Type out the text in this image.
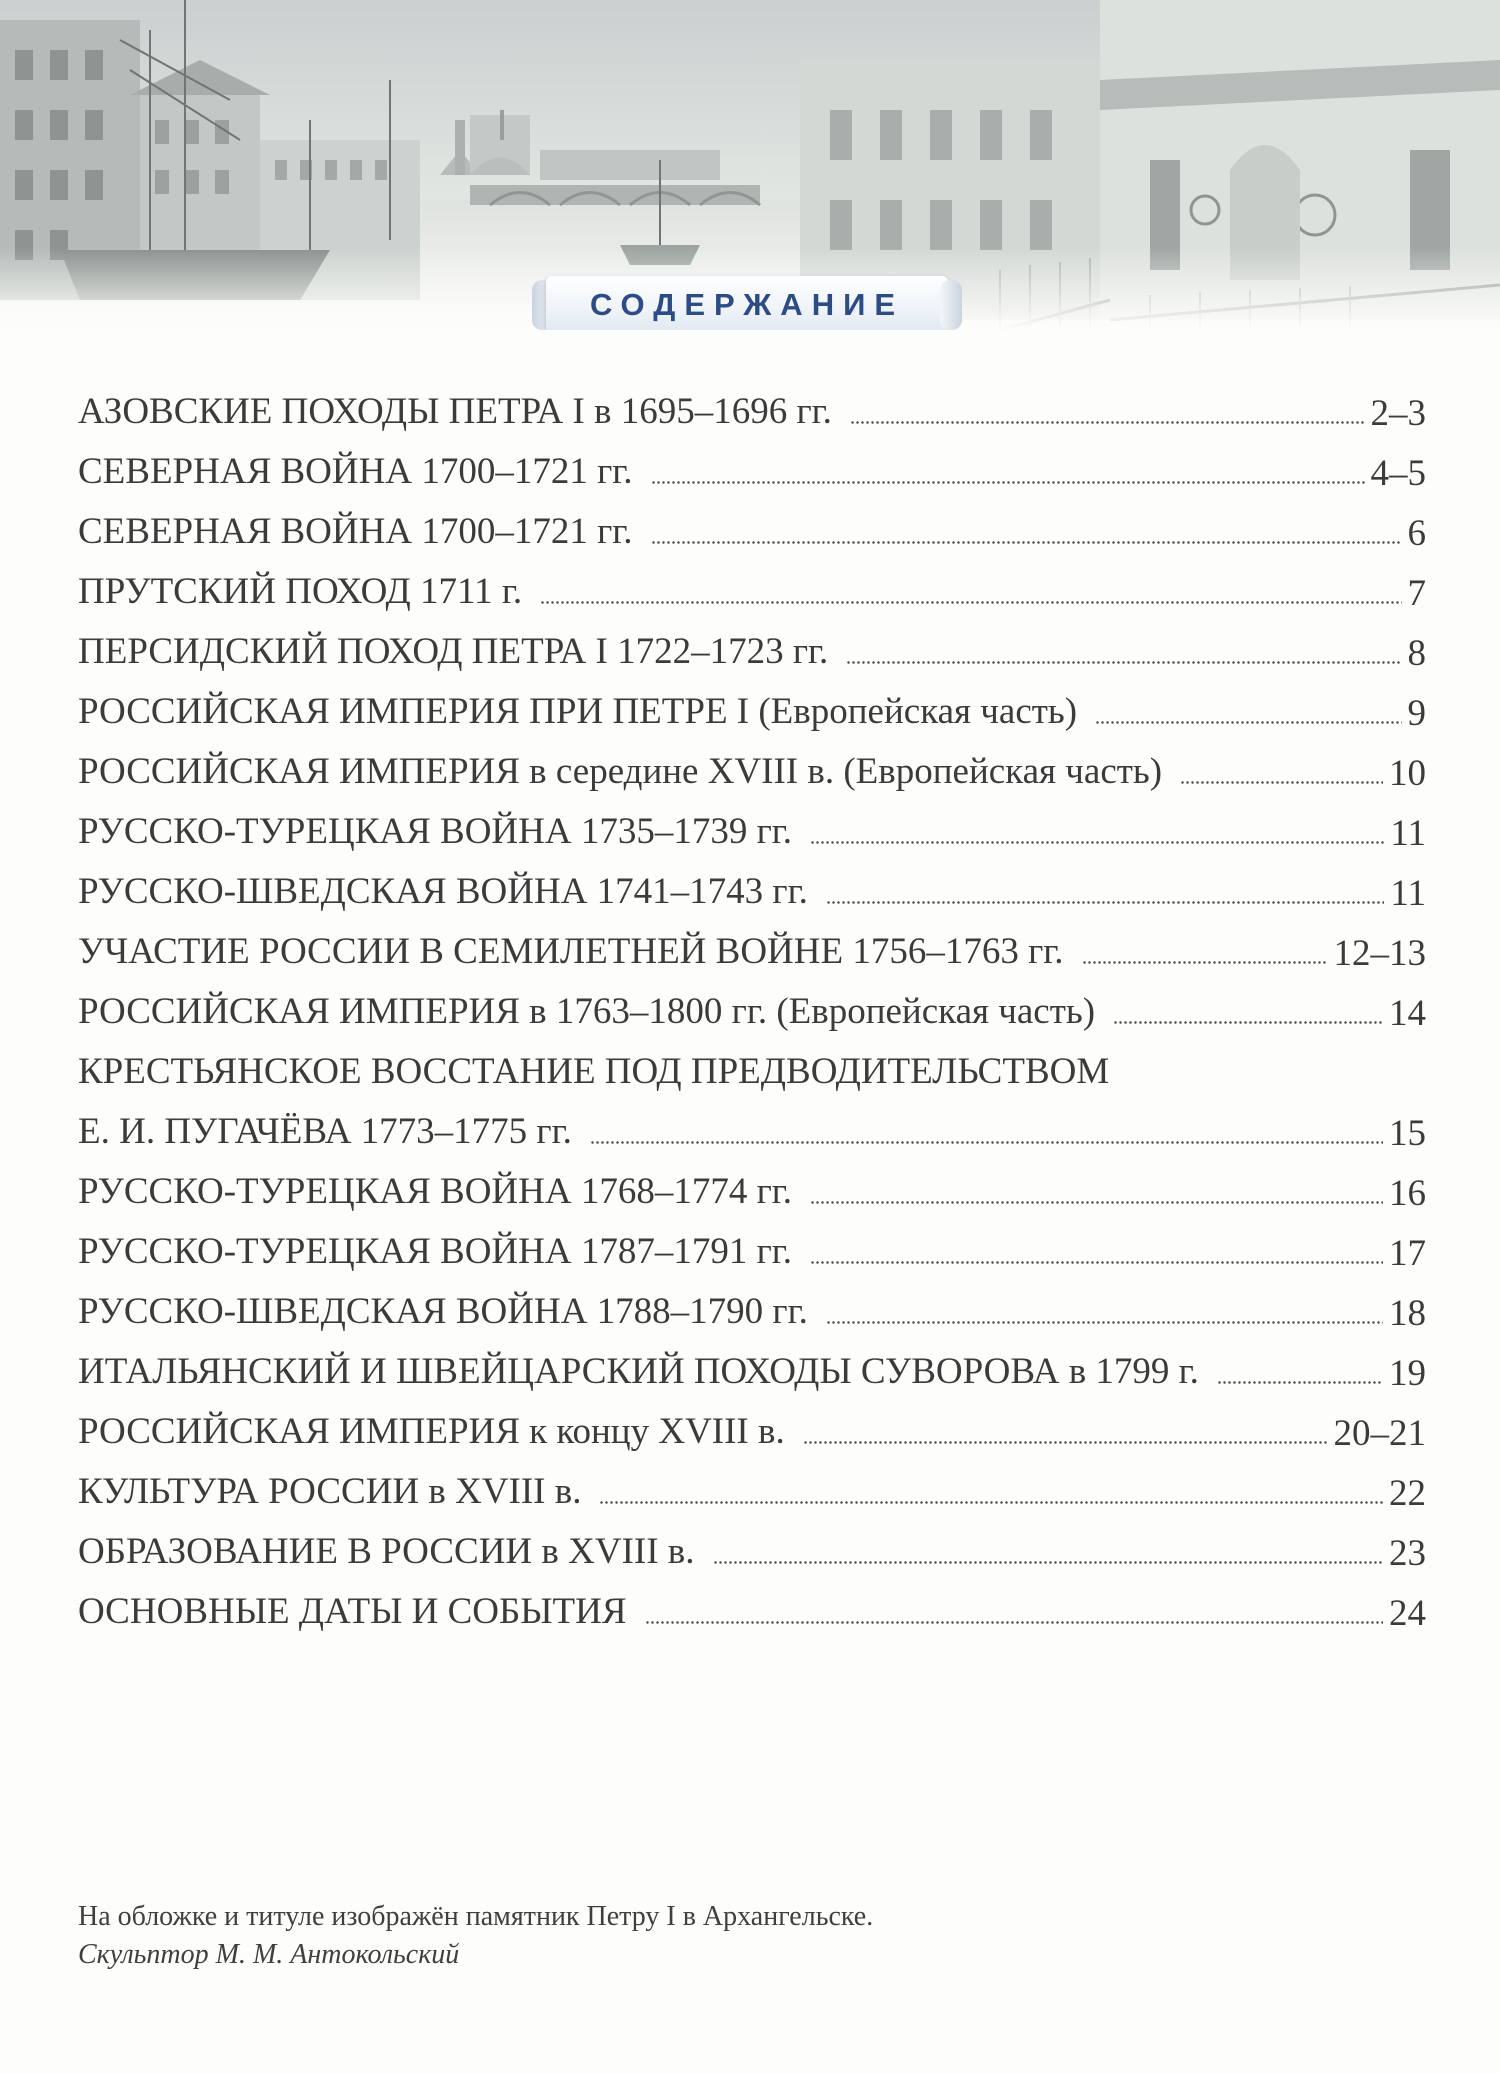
СОДЕРЖАНИЕ
АЗОВСКИЕ ПОХОДЫ ПЕТРА I в 1695–1696 гг.	2–3
СЕВЕРНАЯ ВОЙНА 1700–1721 гг.	4–5
СЕВЕРНАЯ ВОЙНА 1700–1721 гг.	6
ПРУТСКИЙ ПОХОД 1711 г.	7
ПЕРСИДСКИЙ ПОХОД ПЕТРА I 1722–1723 гг.	8
РОССИЙСКАЯ ИМПЕРИЯ ПРИ ПЕТРЕ I (Европейская часть)	9
РОССИЙСКАЯ ИМПЕРИЯ в середине XVIII в. (Европейская часть)	10
РУССКО-ТУРЕЦКАЯ ВОЙНА 1735–1739 гг.	11
РУССКО-ШВЕДСКАЯ ВОЙНА 1741–1743 гг.	11
УЧАСТИЕ РОССИИ В СЕМИЛЕТНЕЙ ВОЙНЕ 1756–1763 гг.	12–13
РОССИЙСКАЯ ИМПЕРИЯ в 1763–1800 гг. (Европейская часть)	14
КРЕСТЬЯНСКОЕ ВОССТАНИЕ ПОД ПРЕДВОДИТЕЛЬСТВОМ
Е. И. ПУГАЧЁВА 1773–1775 гг.	15
РУССКО-ТУРЕЦКАЯ ВОЙНА 1768–1774 гг.	16
РУССКО-ТУРЕЦКАЯ ВОЙНА 1787–1791 гг.	17
РУССКО-ШВЕДСКАЯ ВОЙНА 1788–1790 гг.	18
ИТАЛЬЯНСКИЙ И ШВЕЙЦАРСКИЙ ПОХОДЫ СУВОРОВА в 1799 г.	19
РОССИЙСКАЯ ИМПЕРИЯ к концу XVIII в.	20–21
КУЛЬТУРА РОССИИ в XVIII в.	22
ОБРАЗОВАНИЕ В РОССИИ в XVIII в.	23
ОСНОВНЫЕ ДАТЫ И СОБЫТИЯ	24
На обложке и титуле изображён памятник Петру I в Архангельске.
Скульптор М. М. Антокольский
